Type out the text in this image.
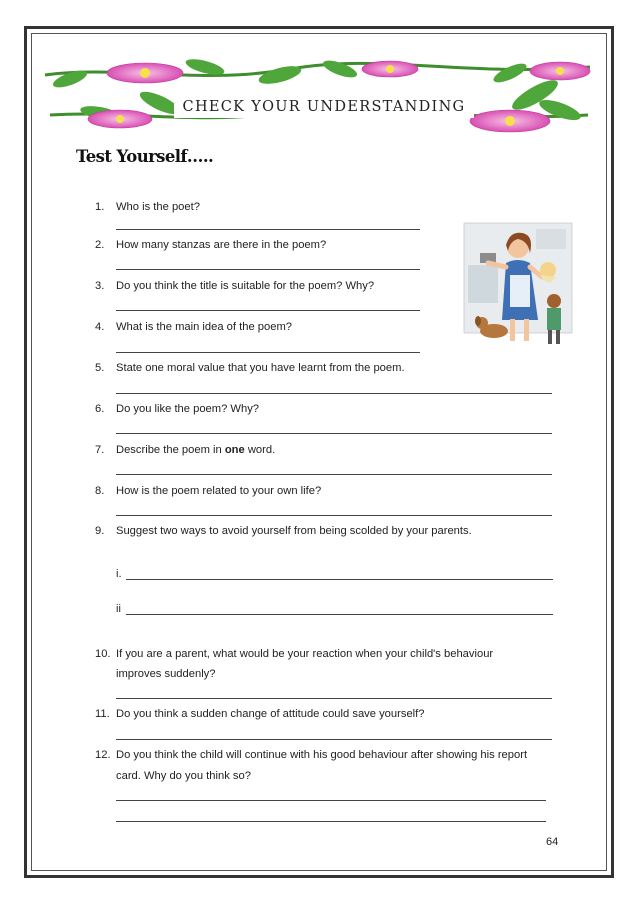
CHECK YOUR UNDERSTANDING
Test Yourself…..
1. Who is the poet?
2. How many stanzas are there in the poem?
3. Do you think the title is suitable for the poem? Why?
4. What is the main idea of the poem?
5. State one moral value that you have learnt from the poem.
6. Do you like the poem? Why?
7. Describe the poem in one word.
8. How is the poem related to your own life?
9. Suggest two ways to avoid yourself from being scolded by your parents.
i.
ii
10. If you are a parent, what would be your reaction when your child's behaviour
improves suddenly?
11. Do you think a sudden change of attitude could save yourself?
12. Do you think the child will continue with his good behaviour after showing his report
card. Why do you think so?
64
